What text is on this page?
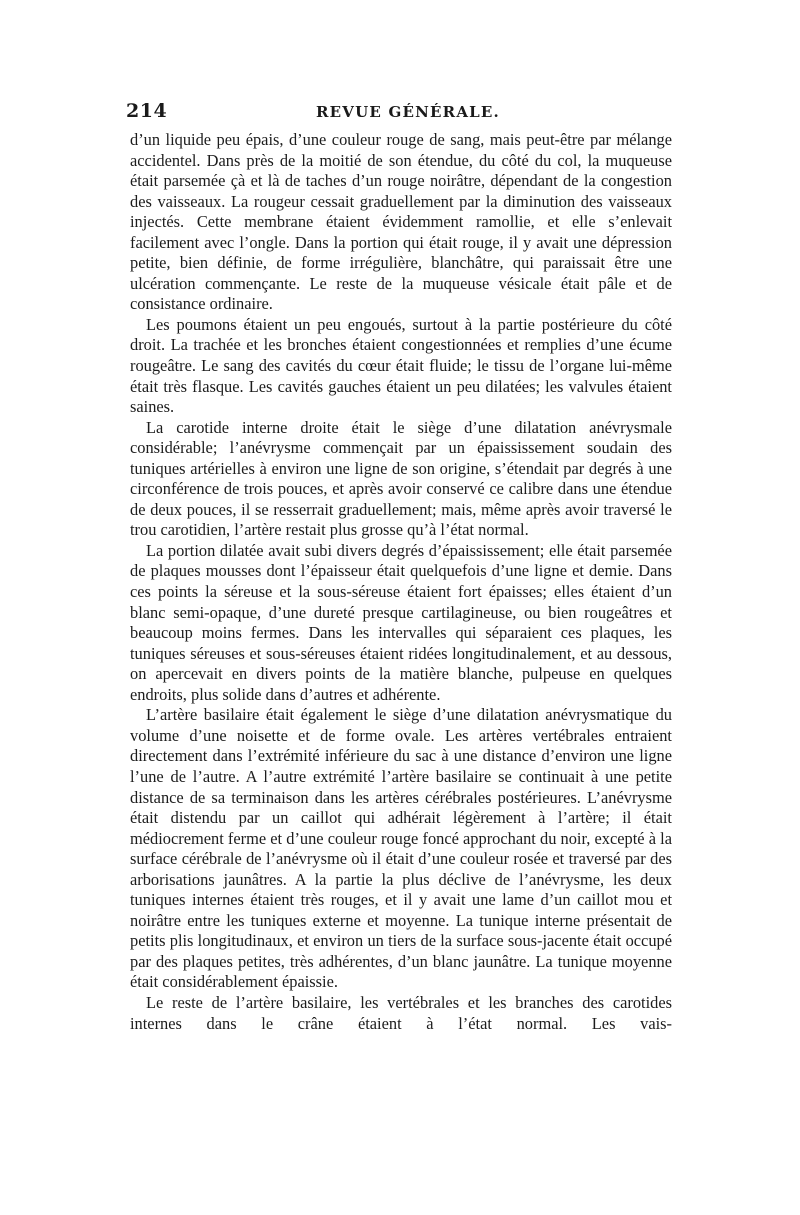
214	REVUE GÉNÉRALE.

d’un liquide peu épais, d’une couleur rouge de sang, mais peut-être par mélange accidentel. Dans près de la moitié de son étendue, du côté du col, la muqueuse était parsemée çà et là de taches d’un rouge noirâtre, dépendant de la congestion des vaisseaux. La rougeur cessait graduellement par la diminution des vaisseaux injectés. Cette membrane étaient évidemment ramollie, et elle s’enlevait facilement avec l’ongle. Dans la portion qui était rouge, il y avait une dépression petite, bien définie, de forme irrégulière, blanchâtre, qui paraissait être une ulcération commençante. Le reste de la muqueuse vésicale était pâle et de consistance ordinaire.

Les poumons étaient un peu engoués, surtout à la partie postérieure du côté droit. La trachée et les bronches étaient congestionnées et remplies d’une écume rougeâtre. Le sang des cavités du cœur était fluide; le tissu de l’organe lui-même était très flasque. Les cavités gauches étaient un peu dilatées; les valvules étaient saines.

La carotide interne droite était le siège d’une dilatation anévrysmale considérable; l’anévrysme commençait par un épaississement soudain des tuniques artérielles à environ une ligne de son origine, s’étendait par degrés à une circonférence de trois pouces, et après avoir conservé ce calibre dans une étendue de deux pouces, il se resserrait graduellement; mais, même après avoir traversé le trou carotidien, l’artère restait plus grosse qu’à l’état normal.

La portion dilatée avait subi divers degrés d’épaississement; elle était parsemée de plaques mousses dont l’épaisseur était quelquefois d’une ligne et demie. Dans ces points la séreuse et la sous-séreuse étaient fort épaisses; elles étaient d’un blanc semi-opaque, d’une dureté presque cartilagineuse, ou bien rougeâtres et beaucoup moins fermes. Dans les intervalles qui séparaient ces plaques, les tuniques séreuses et sous-séreuses étaient ridées longitudinalement, et au dessous, on apercevait en divers points de la matière blanche, pulpeuse en quelques endroits, plus solide dans d’autres et adhérente.

L’artère basilaire était également le siège d’une dilatation anévrysmatique du volume d’une noisette et de forme ovale. Les artères vertébrales entraient directement dans l’extrémité inférieure du sac à une distance d’environ une ligne l’une de l’autre. A l’autre extrémité l’artère basilaire se continuait à une petite distance de sa terminaison dans les artères cérébrales postérieures. L’anévrysme était distendu par un caillot qui adhérait légèrement à l’artère; il était médiocrement ferme et d’une couleur rouge foncé approchant du noir, excepté à la surface cérébrale de l’anévrysme où il était d’une couleur rosée et traversé par des arborisations jaunâtres. A la partie la plus déclive de l’anévrysme, les deux tuniques internes étaient très rouges, et il y avait une lame d’un caillot mou et noirâtre entre les tuniques externe et moyenne. La tunique interne présentait de petits plis longitudinaux, et environ un tiers de la surface sous-jacente était occupé par des plaques petites, très adhérentes, d’un blanc jaunâtre. La tunique moyenne était considérablement épaissie.

Le reste de l’artère basilaire, les vertébrales et les branches des carotides internes dans le crâne étaient à l’état normal. Les vais-
